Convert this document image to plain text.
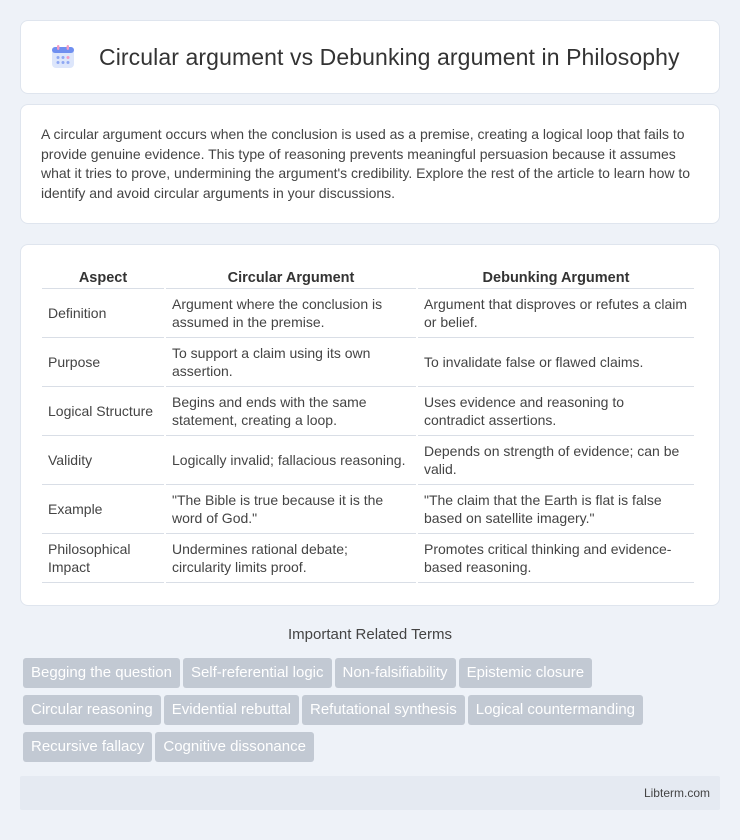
Circular argument vs Debunking argument in Philosophy

A circular argument occurs when the conclusion is used as a premise, creating a logical loop that fails to provide genuine evidence. This type of reasoning prevents meaningful persuasion because it assumes what it tries to prove, undermining the argument's credibility. Explore the rest of the article to learn how to identify and avoid circular arguments in your discussions.

Aspect	Circular Argument	Debunking Argument
Definition	Argument where the conclusion is assumed in the premise.	Argument that disproves or refutes a claim or belief.
Purpose	To support a claim using its own assertion.	To invalidate false or flawed claims.
Logical Structure	Begins and ends with the same statement, creating a loop.	Uses evidence and reasoning to contradict assertions.
Validity	Logically invalid; fallacious reasoning.	Depends on strength of evidence; can be valid.
Example	"The Bible is true because it is the word of God."	"The claim that the Earth is flat is false based on satellite imagery."
Philosophical Impact	Undermines rational debate; circularity limits proof.	Promotes critical thinking and evidence-based reasoning.
Important Related Terms
Begging the question Self-referential logic Non-falsifiability Epistemic closure
Circular reasoning Evidential rebuttal Refutational synthesis Logical countermanding
Recursive fallacy Cognitive dissonance
Libterm.com
